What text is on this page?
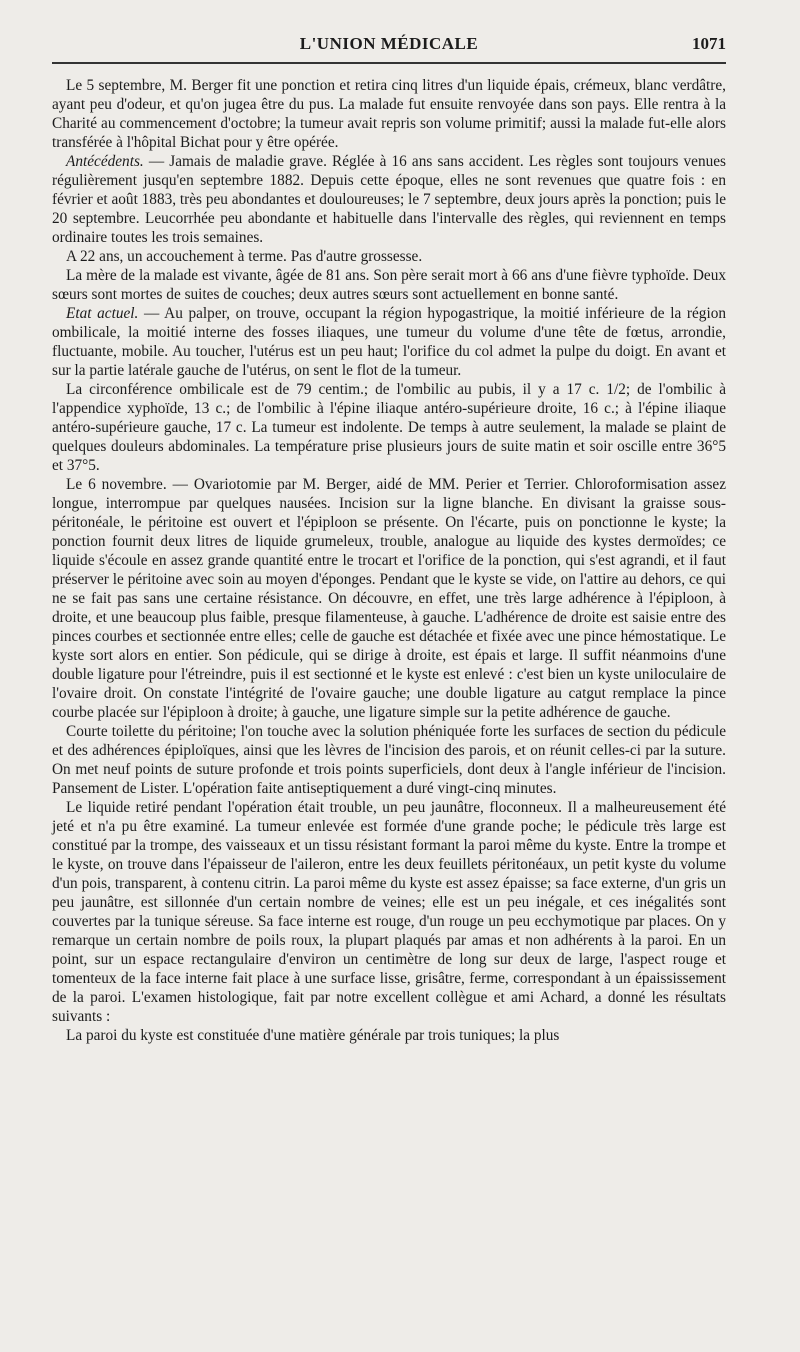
L'UNION MÉDICALE	1071

Le 5 septembre, M. Berger fit une ponction et retira cinq litres d'un liquide épais, crémeux, blanc verdâtre, ayant peu d'odeur, et qu'on jugea être du pus. La malade fut ensuite renvoyée dans son pays. Elle rentra à la Charité au commencement d'octobre; la tumeur avait repris son volume primitif; aussi la malade fut-elle alors transférée à l'hôpital Bichat pour y être opérée.

Antécédents. — Jamais de maladie grave. Réglée à 16 ans sans accident. Les règles sont toujours venues régulièrement jusqu'en septembre 1882. Depuis cette époque, elles ne sont revenues que quatre fois : en février et août 1883, très peu abondantes et douloureuses; le 7 septembre, deux jours après la ponction; puis le 20 septembre. Leucorrhée peu abondante et habituelle dans l'intervalle des règles, qui reviennent en temps ordinaire toutes les trois semaines.

A 22 ans, un accouchement à terme. Pas d'autre grossesse.

La mère de la malade est vivante, âgée de 81 ans. Son père serait mort à 66 ans d'une fièvre typhoïde. Deux sœurs sont mortes de suites de couches; deux autres sœurs sont actuellement en bonne santé.

Etat actuel. — Au palper, on trouve, occupant la région hypogastrique, la moitié inférieure de la région ombilicale, la moitié interne des fosses iliaques, une tumeur du volume d'une tête de fœtus, arrondie, fluctuante, mobile. Au toucher, l'utérus est un peu haut; l'orifice du col admet la pulpe du doigt. En avant et sur la partie latérale gauche de l'utérus, on sent le flot de la tumeur.

La circonférence ombilicale est de 79 centim.; de l'ombilic au pubis, il y a 17 c. 1/2; de l'ombilic à l'appendice xyphoïde, 13 c.; de l'ombilic à l'épine iliaque antéro-supérieure droite, 16 c.; à l'épine iliaque antéro-supérieure gauche, 17 c. La tumeur est indolente. De temps à autre seulement, la malade se plaint de quelques douleurs abdominales. La température prise plusieurs jours de suite matin et soir oscille entre 36°5 et 37°5.

Le 6 novembre. — Ovariotomie par M. Berger, aidé de MM. Perier et Terrier. Chloroformisation assez longue, interrompue par quelques nausées. Incision sur la ligne blanche. En divisant la graisse sous-péritonéale, le péritoine est ouvert et l'épiploon se présente. On l'écarte, puis on ponctionne le kyste; la ponction fournit deux litres de liquide grumeleux, trouble, analogue au liquide des kystes dermoïdes; ce liquide s'écoule en assez grande quantité entre le trocart et l'orifice de la ponction, qui s'est agrandi, et il faut préserver le péritoine avec soin au moyen d'éponges. Pendant que le kyste se vide, on l'attire au dehors, ce qui ne se fait pas sans une certaine résistance. On découvre, en effet, une très large adhérence à l'épiploon, à droite, et une beaucoup plus faible, presque filamenteuse, à gauche. L'adhérence de droite est saisie entre des pinces courbes et sectionnée entre elles; celle de gauche est détachée et fixée avec une pince hémostatique. Le kyste sort alors en entier. Son pédicule, qui se dirige à droite, est épais et large. Il suffit néanmoins d'une double ligature pour l'étreindre, puis il est sectionné et le kyste est enlevé : c'est bien un kyste uniloculaire de l'ovaire droit. On constate l'intégrité de l'ovaire gauche; une double ligature au catgut remplace la pince courbe placée sur l'épiploon à droite; à gauche, une ligature simple sur la petite adhérence de gauche.

Courte toilette du péritoine; l'on touche avec la solution phéniquée forte les surfaces de section du pédicule et des adhérences épiploïques, ainsi que les lèvres de l'incision des parois, et on réunit celles-ci par la suture. On met neuf points de suture profonde et trois points superficiels, dont deux à l'angle inférieur de l'incision. Pansement de Lister. L'opération faite antiseptiquement a duré vingt-cinq minutes.

Le liquide retiré pendant l'opération était trouble, un peu jaunâtre, floconneux. Il a malheureusement été jeté et n'a pu être examiné. La tumeur enlevée est formée d'une grande poche; le pédicule très large est constitué par la trompe, des vaisseaux et un tissu résistant formant la paroi même du kyste. Entre la trompe et le kyste, on trouve dans l'épaisseur de l'aileron, entre les deux feuillets péritonéaux, un petit kyste du volume d'un pois, transparent, à contenu citrin. La paroi même du kyste est assez épaisse; sa face externe, d'un gris un peu jaunâtre, est sillonnée d'un certain nombre de veines; elle est un peu inégale, et ces inégalités sont couvertes par la tunique séreuse. Sa face interne est rouge, d'un rouge un peu ecchymotique par places. On y remarque un certain nombre de poils roux, la plupart plaqués par amas et non adhérents à la paroi. En un point, sur un espace rectangulaire d'environ un centimètre de long sur deux de large, l'aspect rouge et tomenteux de la face interne fait place à une surface lisse, grisâtre, ferme, correspondant à un épaississement de la paroi. L'examen histologique, fait par notre excellent collègue et ami Achard, a donné les résultats suivants :

La paroi du kyste est constituée d'une matière générale par trois tuniques; la plus
